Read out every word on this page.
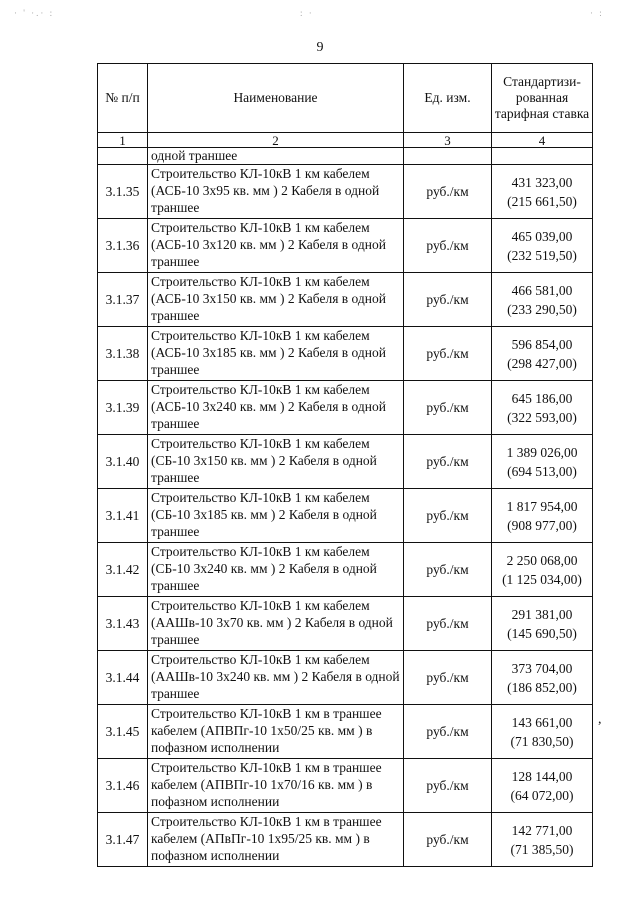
· ' ·.· :	: ·	· :
9
№ п/п	Наименование	Ед. изм.	Стандартизи-рованная тарифная ставка
1	2	3	4
	одной траншее		
3.1.35	Строительство КЛ-10кВ 1 км кабелем (АСБ-10 3x95 кв. мм ) 2 Кабеля в одной траншее	руб./км	431 323,00
(215 661,50)

3.1.36	Строительство КЛ-10кВ 1 км кабелем (АСБ-10 3x120 кв. мм ) 2 Кабеля в одной траншее	руб./км	465 039,00
(232 519,50)

3.1.37	Строительство КЛ-10кВ 1 км кабелем (АСБ-10 3x150 кв. мм ) 2 Кабеля в одной траншее	руб./км	466 581,00
(233 290,50)

3.1.38	Строительство КЛ-10кВ 1 км кабелем (АСБ-10 3x185 кв. мм ) 2 Кабеля в одной траншее	руб./км	596 854,00
(298 427,00)

3.1.39	Строительство КЛ-10кВ 1 км кабелем (АСБ-10 3x240 кв. мм ) 2 Кабеля в одной траншее	руб./км	645 186,00
(322 593,00)

3.1.40	Строительство КЛ-10кВ 1 км кабелем (СБ-10 3x150 кв. мм ) 2 Кабеля в одной траншее	руб./км	1 389 026,00
(694 513,00)

3.1.41	Строительство КЛ-10кВ 1 км кабелем (СБ-10 3x185 кв. мм ) 2 Кабеля в одной траншее	руб./км	1 817 954,00
(908 977,00)

3.1.42	Строительство КЛ-10кВ 1 км кабелем (СБ-10 3x240 кв. мм ) 2 Кабеля в одной траншее	руб./км	2 250 068,00
(1 125 034,00)

3.1.43	Строительство КЛ-10кВ 1 км кабелем (ААШв-10 3x70 кв. мм ) 2 Кабеля в одной траншее	руб./км	291 381,00
(145 690,50)

3.1.44	Строительство КЛ-10кВ 1 км кабелем (ААШв-10 3x240 кв. мм ) 2 Кабеля в одной траншее	руб./км	373 704,00
(186 852,00)

3.1.45	Строительство КЛ-10кВ 1 км в траншее кабелем (АПВПг-10 1x50/25 кв. мм ) в пофазном исполнении	руб./км	143 661,00
(71 830,50)

3.1.46	Строительство КЛ-10кВ 1 км в траншее кабелем (АПВПг-10 1x70/16 кв. мм ) в пофазном исполнении	руб./км	128 144,00
(64 072,00)

3.1.47	Строительство КЛ-10кВ 1 км в траншее кабелем (АПвПг-10 1x95/25 кв. мм ) в пофазном исполнении	руб./км	142 771,00
(71 385,50)
,
